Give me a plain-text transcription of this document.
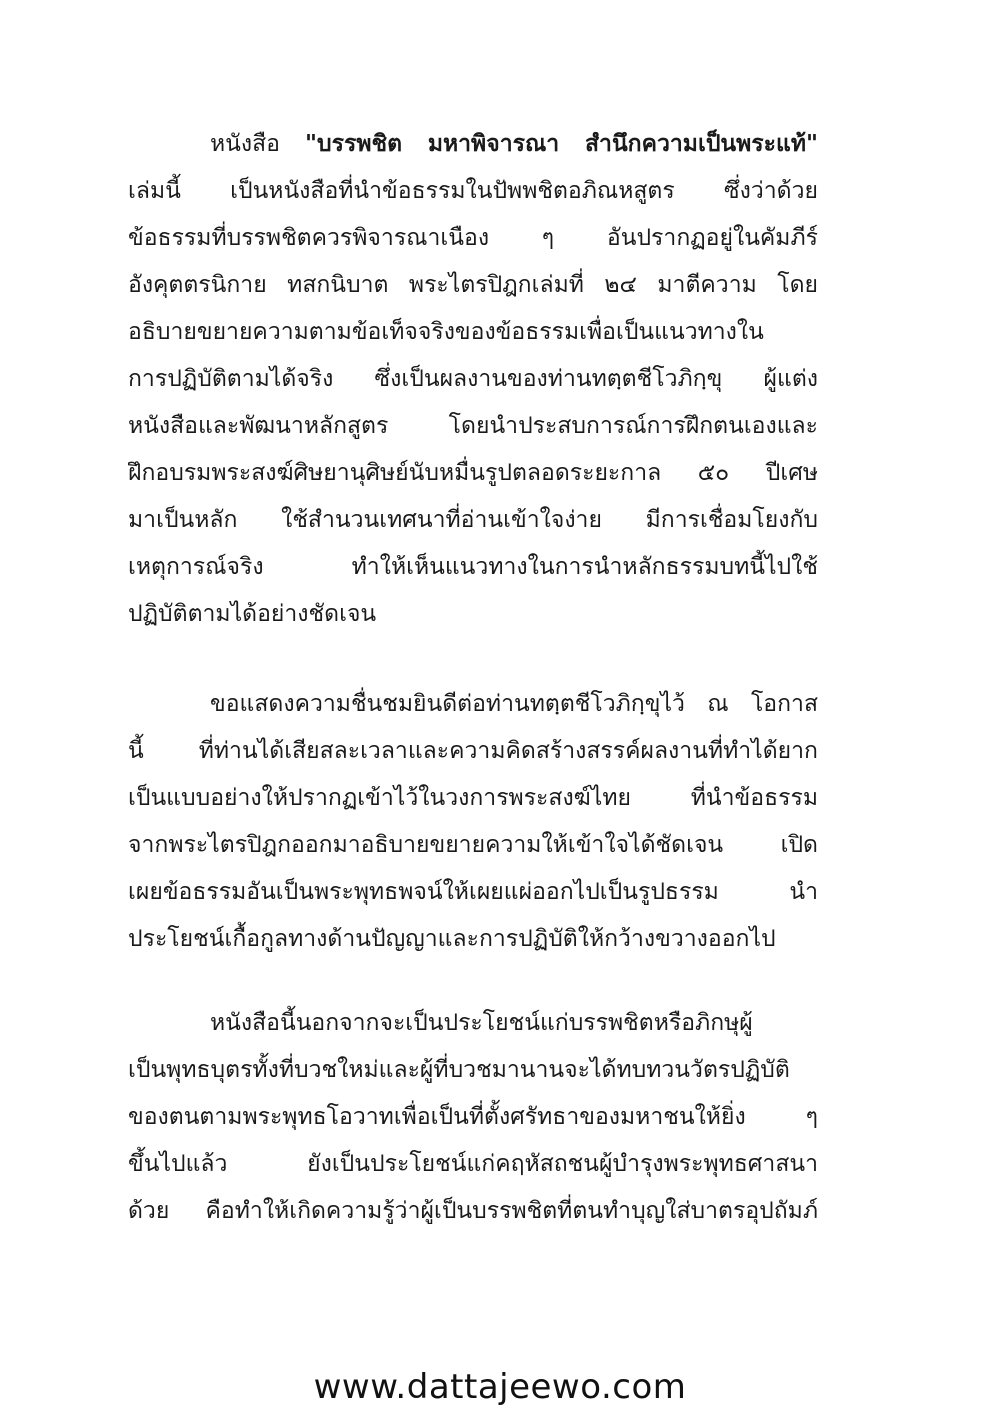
หนังสือ "บรรพชิต มหาพิจารณา สำนึกความเป็นพระแท้"
เล่มนี้ เป็นหนังสือที่นำข้อธรรมในปัพพชิตอภิณหสูตร ซึ่งว่าด้วย
ข้อธรรมที่บรรพชิตควรพิจารณาเนือง ๆ อันปรากฏอยู่ในคัมภีร์
อังคุตตรนิกาย ทสกนิบาต พระไตรปิฎกเล่มที่ ๒๔ มาตีความ โดย
อธิบายขยายความตามข้อเท็จจริงของข้อธรรมเพื่อเป็นแนวทางใน
การปฏิบัติตามได้จริง ซึ่งเป็นผลงานของท่านทตฺตชีโวภิกฺขุ ผู้แต่ง
หนังสือและพัฒนาหลักสูตร โดยนำประสบการณ์การฝึกตนเองและ
ฝึกอบรมพระสงฆ์ศิษยานุศิษย์นับหมื่นรูปตลอดระยะกาล ๕๐ ปีเศษ
มาเป็นหลัก ใช้สำนวนเทศนาที่อ่านเข้าใจง่าย มีการเชื่อมโยงกับ
เหตุการณ์จริง ทำให้เห็นแนวทางในการนำหลักธรรมบทนี้ไปใช้
ปฏิบัติตามได้อย่างชัดเจน
ขอแสดงความชื่นชมยินดีต่อท่านทตฺตชีโวภิกฺขุไว้ ณ โอกาส
นี้ ที่ท่านได้เสียสละเวลาและความคิดสร้างสรรค์ผลงานที่ทำได้ยาก
เป็นแบบอย่างให้ปรากฏเข้าไว้ในวงการพระสงฆ์ไทย ที่นำข้อธรรม
จากพระไตรปิฎกออกมาอธิบายขยายความให้เข้าใจได้ชัดเจน เปิด
เผยข้อธรรมอันเป็นพระพุทธพจน์ให้เผยแผ่ออกไปเป็นรูปธรรม นำ
ประโยชน์เกื้อกูลทางด้านปัญญาและการปฏิบัติให้กว้างขวางออกไป
หนังสือนี้นอกจากจะเป็นประโยชน์แก่บรรพชิตหรือภิกษุผู้
เป็นพุทธบุตรทั้งที่บวชใหม่และผู้ที่บวชมานานจะได้ทบทวนวัตรปฏิบัติ
ของตนตามพระพุทธโอวาทเพื่อเป็นที่ตั้งศรัทธาของมหาชนให้ยิ่ง ๆ
ขึ้นไปแล้ว ยังเป็นประโยชน์แก่คฤหัสถชนผู้บำรุงพระพุทธศาสนา
ด้วย คือทำให้เกิดความรู้ว่าผู้เป็นบรรพชิตที่ตนทำบุญใส่บาตรอุปถัมภ์
www.dattajeewo.com
